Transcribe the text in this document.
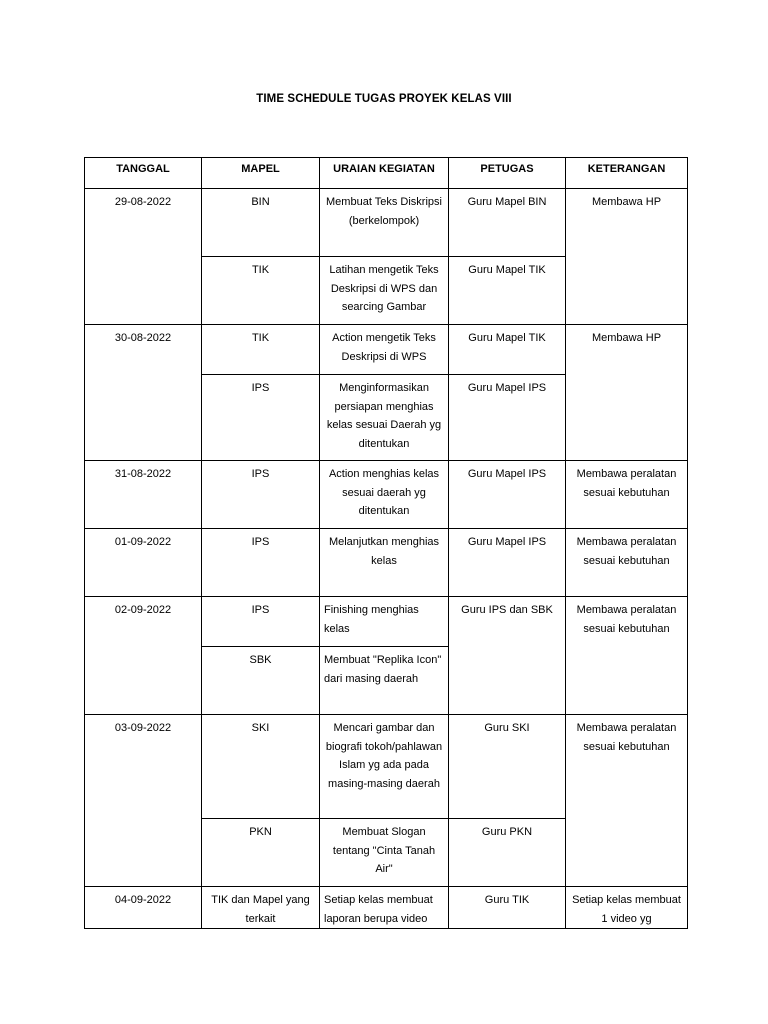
TIME SCHEDULE TUGAS PROYEK KELAS VIII
TANGGAL	MAPEL	URAIAN KEGIATAN	PETUGAS	KETERANGAN
29-08-2022	BIN	Membuat Teks Diskripsi (berkelompok)	Guru Mapel BIN	Membawa HP
	TIK	Latihan mengetik Teks Deskripsi di WPS dan searcing Gambar	Guru Mapel TIK	
30-08-2022	TIK	Action mengetik Teks Deskripsi di WPS	Guru Mapel TIK	Membawa HP
	IPS	Menginformasikan persiapan menghias kelas sesuai Daerah yg ditentukan	Guru Mapel IPS	
31-08-2022	IPS	Action menghias kelas sesuai daerah yg ditentukan	Guru Mapel IPS	Membawa peralatan sesuai kebutuhan
01-09-2022	IPS	Melanjutkan menghias kelas	Guru Mapel IPS	Membawa peralatan sesuai kebutuhan
02-09-2022	IPS	Finishing menghias kelas	Guru IPS dan SBK	Membawa peralatan sesuai kebutuhan
	SBK	Membuat "Replika Icon" dari masing daerah		
03-09-2022	SKI	Mencari gambar dan biografi tokoh/pahlawan Islam yg ada pada masing-masing daerah	Guru SKI	Membawa peralatan sesuai kebutuhan
	PKN	Membuat Slogan tentang "Cinta Tanah Air"	Guru PKN	
04-09-2022	TIK dan Mapel yang terkait	Setiap kelas membuat laporan berupa video	Guru TIK	Setiap kelas membuat 1 video yg
